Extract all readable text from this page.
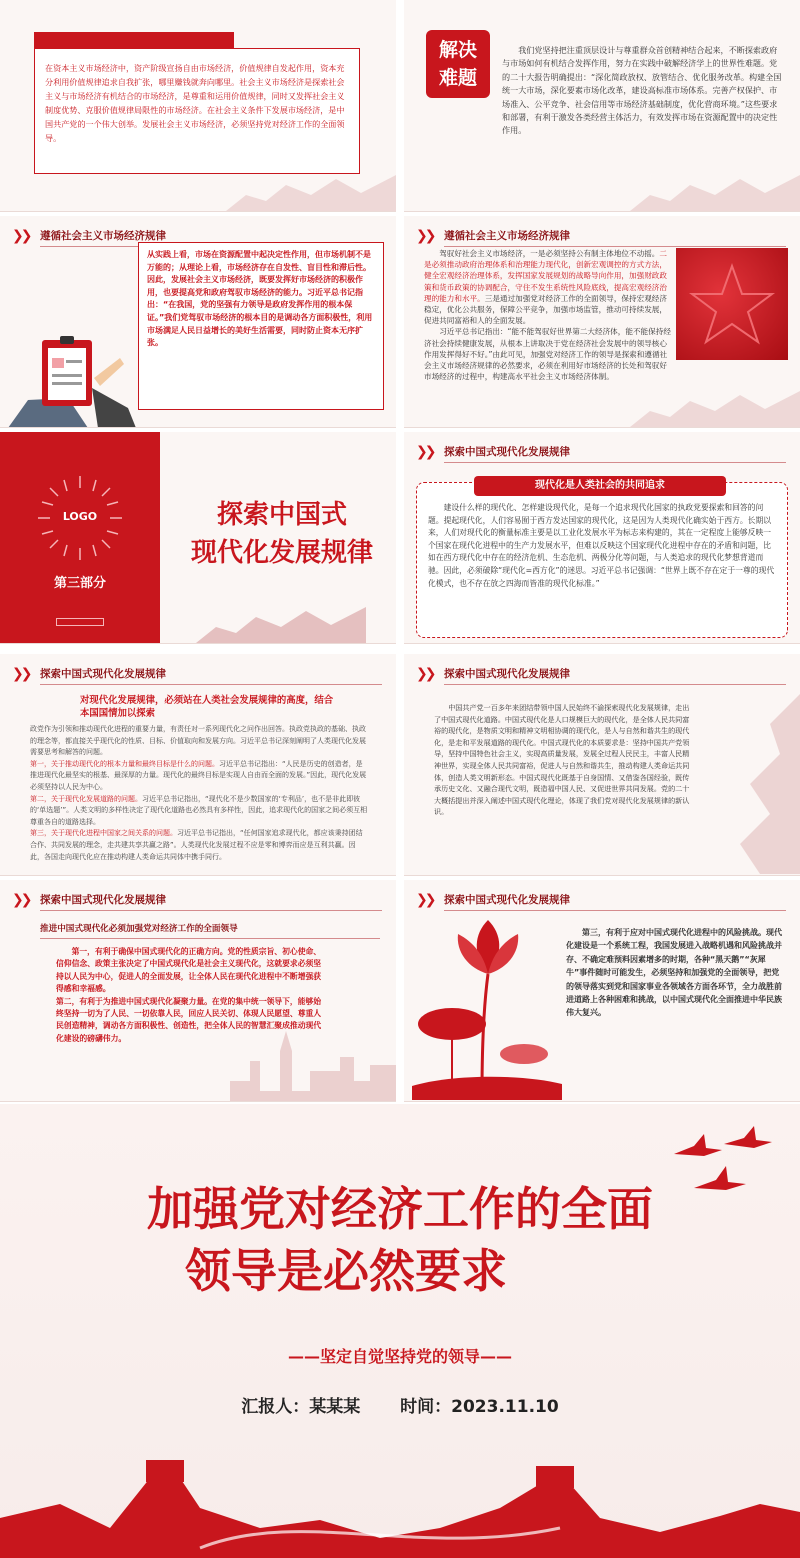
在资本主义市场经济中，资产阶级宣扬自由市场经济，价值规律自发起作用，资本充分利用价值规律追求自我扩张，哪里赚钱就奔向哪里。社会主义市场经济是探索社会主义与市场经济有机结合的市场经济，是尊重和运用价值规律，同时又发挥社会主义制度优势、克服价值规律局限性的市场经济。在社会主义条件下发展市场经济，是中国共产党的一个伟大创举。发展社会主义市场经济，必须坚持党对经济工作的全面领导。

解决
难题

我们党坚持把注重顶层设计与尊重群众首创精神结合起来，不断探索政府与市场如何有机结合发挥作用，努力在实践中破解经济学上的世界性难题。党的二十大报告明确提出：“深化简政放权、放管结合、优化服务改革。构建全国统一大市场，深化要素市场化改革，建设高标准市场体系。完善产权保护、市场准入、公平竞争、社会信用等市场经济基础制度，优化营商环境。”这些要求和部署，有利于激发各类经营主体活力，有效发挥市场在资源配置中的决定性作用。

❯❯ 遵循社会主义市场经济规律

从实践上看，市场在资源配置中起决定性作用，但市场机制不是万能的；从理论上看，市场经济存在自发性、盲目性和滞后性。因此，发展社会主义市场经济，既要发挥好市场经济的积极作用，也要提高党和政府驾驭市场经济的能力。习近平总书记指出：“在我国，党的坚强有力领导是政府发挥作用的根本保证。”我们党驾驭市场经济的根本目的是调动各方面积极性，利用市场满足人民日益增长的美好生活需要，同时防止资本无序扩张。

❯❯ 遵循社会主义市场经济规律

驾驭好社会主义市场经济，一是必须坚持公有制主体地位不动摇。二是必须推动政府治理体系和治理能力现代化，创新宏观调控的方式方法，健全宏观经济治理体系，发挥国家发展规划的战略导向作用，加强财政政策和货币政策的协调配合，守住不发生系统性风险底线，提高宏观经济治理的能力和水平。三是通过加强党对经济工作的全面领导，保持宏观经济稳定，优化公共服务，保障公平竞争，加强市场监管，推动可持续发展，促进共同富裕和人的全面发展。

习近平总书记指出：“能不能驾驭好世界第二大经济体，能不能保持经济社会持续健康发展，从根本上讲取决于党在经济社会发展中的领导核心作用发挥得好不好。”由此可见，加强党对经济工作的领导是探索和遵循社会主义市场经济规律的必然要求，必须在利用好市场经济的长处和驾驭好市场经济的过程中，构建高水平社会主义市场经济体制。

LOGO
第三部分
探索中国式
现代化发展规律
❯❯ 探索中国式现代化发展规律
现代化是人类社会的共同追求

建设什么样的现代化、怎样建设现代化，是每一个追求现代化国家的执政党要探索和回答的问题。提起现代化，人们容易囿于西方发达国家的现代化，这是因为人类现代化确实始于西方。长期以来，人们对现代化的衡量标准主要是以工业化发展水平为标志来构建的，其在一定程度上能够反映一个国家在现代化进程中的生产力发展水平，但难以反映这个国家现代化进程中存在的矛盾和问题，比如在西方现代化中存在的经济危机、生态危机、两极分化等问题，与人类追求的现代化梦想背道而驰。因此，必须破除“现代化=西方化”的迷思。习近平总书记强调：“世界上既不存在定于一尊的现代化模式，也不存在放之四海而皆准的现代化标准。”

❯❯ 探索中国式现代化发展规律
对现代化发展规律，必须站在人类社会发展规律的高度，结合本国国情加以探索

政党作为引领和推动现代化进程的重要力量，有责任对一系列现代化之问作出回答。执政党执政的基础、执政的理念等，都直接关乎现代化的性质、目标、价值取向和发展方向。习近平总书记深刻阐明了人类现代化发展需要思考和解答的问题。

第一，关于推动现代化的根本力量和最终目标是什么的问题。习近平总书记指出：“人民是历史的创造者，是推进现代化最坚实的根基、最深厚的力量。现代化的最终目标是实现人自由而全面的发展。”因此，现代化发展必须坚持以人民为中心。

第二，关于现代化发展道路的问题。习近平总书记指出，“现代化不是少数国家的‘专利品’，也不是非此即彼的‘单选题’”。人类文明的多样性决定了现代化道路也必然具有多样性，因此，追求现代化的国家之间必须互相尊重各自的道路选择。

第三，关于现代化进程中国家之间关系的问题。习近平总书记指出，“任何国家追求现代化，都应该秉持团结合作、共同发展的理念，走共建共享共赢之路”。人类现代化发展过程不应是零和博弈而应是互利共赢。因此，各国走向现代化应在推动构建人类命运共同体中携手同行。

❯❯ 探索中国式现代化发展规律

中国共产党一百多年来团结带领中国人民始终不渝探索现代化发展规律，走出了中国式现代化道路。中国式现代化是人口规模巨大的现代化，是全体人民共同富裕的现代化，是物质文明和精神文明相协调的现代化，是人与自然和谐共生的现代化，是走和平发展道路的现代化。中国式现代化的本质要求是：坚持中国共产党领导，坚持中国特色社会主义，实现高质量发展，发展全过程人民民主，丰富人民精神世界，实现全体人民共同富裕，促进人与自然和谐共生，推动构建人类命运共同体，创造人类文明新形态。中国式现代化既基于自身国情、又借鉴各国经验，既传承历史文化、又融合现代文明，既造福中国人民、又促进世界共同发展。党的二十大概括提出并深入阐述中国式现代化理论，体现了我们党对现代化发展规律的新认识。

❯❯ 探索中国式现代化发展规律
推进中国式现代化必须加强党对经济工作的全面领导

第一，有利于确保中国式现代化的正确方向。党的性质宗旨、初心使命、信仰信念、政策主张决定了中国式现代化是社会主义现代化，这就要求必须坚持以人民为中心，促进人的全面发展，让全体人民在现代化进程中不断增强获得感和幸福感。

第二，有利于为推进中国式现代化凝聚力量。在党的集中统一领导下，能够始终坚持一切为了人民、一切依靠人民，回应人民关切、体现人民愿望、尊重人民创造精神，调动各方面积极性、创造性，把全体人民的智慧汇聚成推动现代化建设的磅礴伟力。

❯❯ 探索中国式现代化发展规律

第三，有利于应对中国式现代化进程中的风险挑战。现代化建设是一个系统工程，我国发展进入战略机遇和风险挑战并存、不确定难预料因素增多的时期，各种“黑天鹅”“灰犀牛”事件随时可能发生，必须坚持和加强党的全面领导，把党的领导落实到党和国家事业各领域各方面各环节，全力战胜前进道路上各种困难和挑战，以中国式现代化全面推进中华民族伟大复兴。

加强党对经济工作的全面
领导是必然要求
——坚定自觉坚持党的领导——
汇报人：某某某 时间：2023.11.10
